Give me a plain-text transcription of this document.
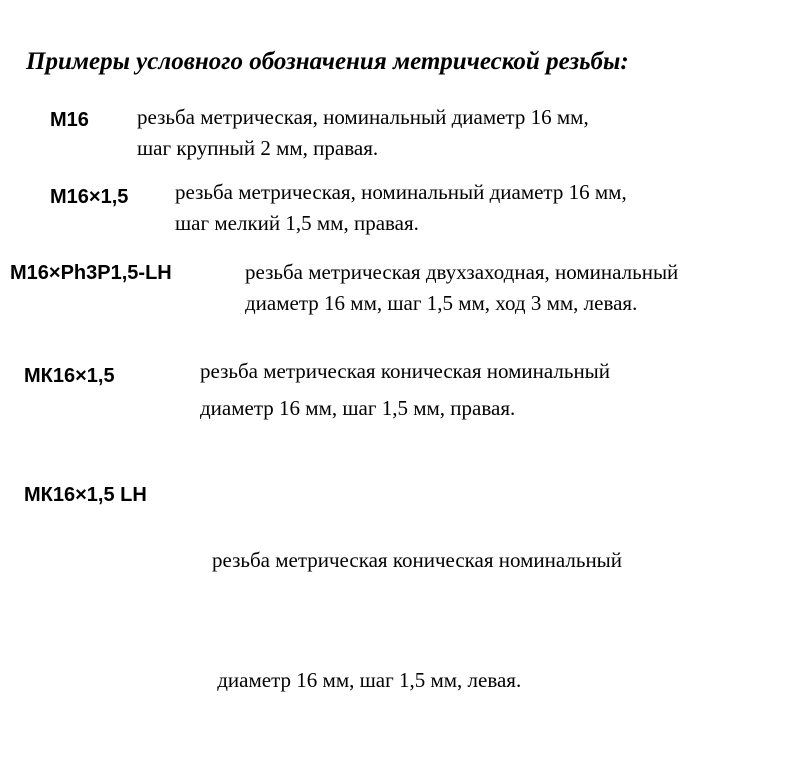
Примеры условного обозначения метрической резьбы:
М16 резьба метрическая, номинальный диаметр 16 мм,
шаг крупный 2 мм, правая.
М16×1,5 резьба метрическая, номинальный диаметр 16 мм,
шаг мелкий 1,5 мм, правая.
М16×Ph3P1,5-LH	резьба метрическая двухзаходная, номинальный
диаметр 16 мм, шаг 1,5 мм, ход 3 мм, левая.
МК16×1,5	резьба метрическая коническая номинальный
диаметр 16 мм, шаг 1,5 мм, правая.
МК16×1,5 LH

резьба метрическая коническая номинальный

диаметр 16 мм, шаг 1,5 мм, левая.
